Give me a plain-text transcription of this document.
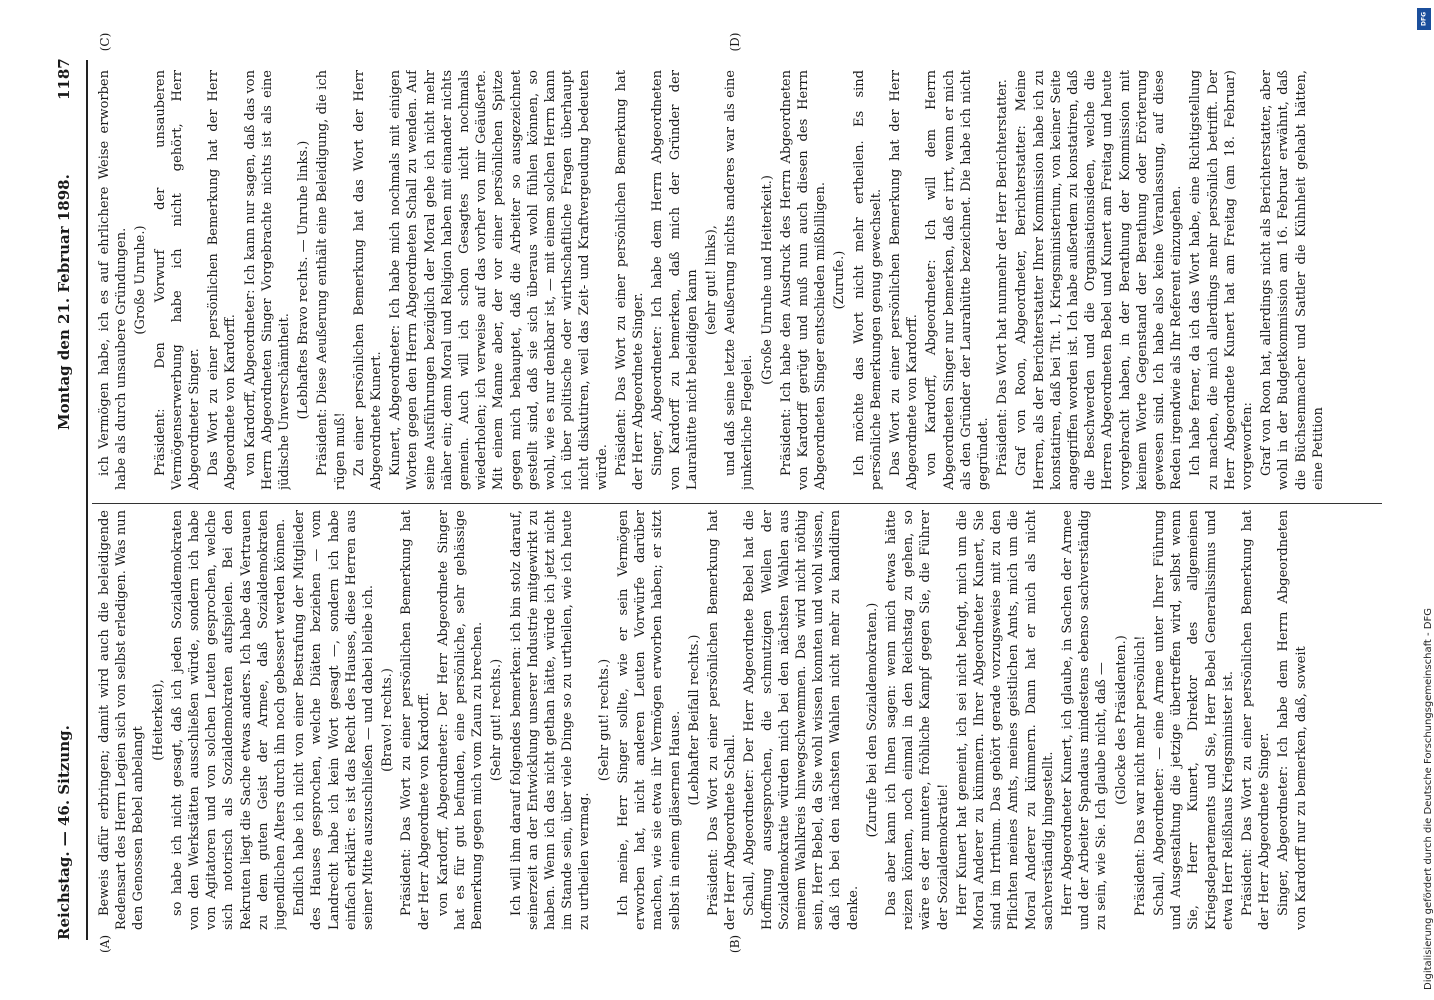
Reichstag. — 46. Sitzung.
Montag den 21. Februar 1898.
1187
(A)	(B)
(C)	(D)

Beweis dafür erbringen; damit wird auch die beleidigende Redensart des Herrn Legien sich von selbst erledigen. Was nun den Genossen Bebel anbelangt

(Heiterkeit), so habe ich nicht gesagt, daß ich jeden Sozialdemokraten von den Werkstätten ausschließen würde, sondern ich habe von Agitatoren und von solchen Leuten gesprochen, welche sich notorisch als Sozialdemokraten aufspielen. Bei den Rekruten liegt die Sache etwas anders. Ich habe das Vertrauen zu dem guten Geist der Armee, daß Sozialdemokraten jugendlichen Alters durch ihn noch gebessert werden können. Endlich habe ich nicht von einer Bestrafung der Mitglieder des Hauses gesprochen, welche Diäten beziehen — vom Landrecht habe ich kein Wort gesagt —, sondern ich habe einfach erklärt: es ist das Recht des Hauses, diese Herren aus seiner Mitte auszuschließen — und dabei bleibe ich. (Bravo! rechts.) Präsident: Das Wort zu einer persönlichen Bemerkung hat der Herr Abgeordnete von Kardorff. von Kardorff, Abgeordneter: Der Herr Abgeordnete Singer hat es für gut befunden, eine persönliche, sehr gehässige Bemerkung gegen mich vom Zaun zu brechen. (Sehr gut! rechts.) Ich will ihm darauf folgendes bemerken: ich bin stolz darauf, seinerzeit an der Entwicklung unserer Industrie mitgewirkt zu haben. Wenn ich das nicht gethan hätte, würde ich jetzt nicht im Stande sein, über viele Dinge so zu urtheilen, wie ich heute zu urtheilen vermag.

(Sehr gut! rechts.) Ich meine, Herr Singer sollte, wie er sein Vermögen erworben hat, nicht anderen Leuten Vorwürfe darüber machen, wie sie etwa ihr Vermögen erworben haben; er sitzt selbst in einem gläsernen Hause. (Lebhafter Beifall rechts.) Präsident: Das Wort zu einer persönlichen Bemerkung hat der Herr Abgeordnete Schall. Schall, Abgeordneter: Der Herr Abgeordnete Bebel hat die Hoffnung ausgesprochen, die schmutzigen Wellen der Sozialdemokratie würden mich bei den nächsten Wahlen aus meinem Wahlkreis hinwegschwemmen. Das wird nicht nöthig sein, Herr Bebel, da Sie wohl wissen konnten und wohl wissen, daß ich bei den nächsten Wahlen nicht mehr zu kandidiren denke.

(Zurufe bei den Sozialdemokraten.) Das aber kann ich Ihnen sagen: wenn mich etwas hätte reizen können, noch einmal in den Reichstag zu gehen, so wäre es der muntere, fröhliche Kampf gegen Sie, die Führer der Sozialdemokratie! Herr Kunert hat gemeint, ich sei nicht befugt, mich um die Moral Anderer zu kümmern. Ihrer Abgeordneter Kunert, Sie sind im Irrthum. Das gehört gerade vorzugsweise mit zu den Pflichten meines Amts, meines geistlichen Amts, mich um die Moral Anderer zu kümmern. Dann hat er mich als nicht sachverständig hingestellt. Herr Abgeordneter Kunert, ich glaube, in Sachen der Armee und der Arbeiter Spandaus mindestens ebenso sachverständig zu sein, wie Sie. Ich glaube nicht, daß — (Glocke des Präsidenten.) Präsident: Das war nicht mehr persönlich! Schall, Abgeordneter: — eine Armee unter Ihrer Führung und Ausgestaltung die jetzige übertreffen wird, selbst wenn Sie, Herr Kunert, Direktor des allgemeinen Kriegsdepartements und Sie, Herr Bebel Generalissimus und etwa Herr Reißhaus Kriegsminister ist. Präsident: Das Wort zu einer persönlichen Bemerkung hat der Herr Abgeordnete Singer. Singer, Abgeordneter: Ich habe dem Herrn Abgeordneten von Kardorff nur zu bemerken, daß, soweit

ich Vermögen habe, ich es auf ehrlichere Weise erworben habe als durch unsaubere Gründungen. (Große Unruhe.) Präsident: Den Vorwurf der unsauberen Vermögenserwerbung habe ich nicht gehört, Herr Abgeordneter Singer. Das Wort zu einer persönlichen Bemerkung hat der Herr Abgeordnete von Kardorff. von Kardorff, Abgeordneter: Ich kann nur sagen, daß das von Herrn Abgeordneten Singer Vorgebrachte nichts ist als eine jüdische Unverschämtheit. (Lebhaftes Bravo rechts. — Unruhe links.) Präsident: Diese Aeußerung enthält eine Beleidigung, die ich rügen muß! Zu einer persönlichen Bemerkung hat das Wort der Herr Abgeordnete Kunert. Kunert, Abgeordneter: Ich habe mich nochmals mit einigen Worten gegen den Herrn Abgeordneten Schall zu wenden. Auf seine Ausführungen bezüglich der Moral gehe ich nicht mehr näher ein; denn Moral und Religion haben mit einander nichts gemein. Auch will ich schon Gesagtes nicht nochmals wiederholen; ich verweise auf das vorher von mir Geäußerte. Mit einem Manne aber, der vor einer persönlichen Spitze gegen mich behauptet, daß die Arbeiter so ausgezeichnet gestellt sind, daß sie sich überaus wohl fühlen können, so wohl, wie es nur denkbar ist, — mit einem solchen Herrn kann ich über politische oder wirthschaftliche Fragen überhaupt nicht diskutiren, weil das Zeit- und Kraftvergeudung bedeuten würde. Präsident: Das Wort zu einer persönlichen Bemerkung hat der Herr Abgeordnete Singer. Singer, Abgeordneter: Ich habe dem Herrn Abgeordneten von Kardorff zu bemerken, daß mich der Gründer der Laurahütte nicht beleidigen kann (sehr gut! links), und daß seine letzte Aeußerung nichts anderes war als eine junkerliche Flegelei.

(Große Unruhe und Heiterkeit.) Präsident: Ich habe den Ausdruck des Herrn Abgeordneten von Kardorff gerügt und muß nun auch diesen des Herrn Abgeordneten Singer entschieden mißbilligen. (Zurufe.) Ich möchte das Wort nicht mehr ertheilen. Es sind persönliche Bemerkungen genug gewechselt. Das Wort zu einer persönlichen Bemerkung hat der Herr Abgeordnete von Kardorff. von Kardorff, Abgeordneter: Ich will dem Herrn Abgeordneten Singer nur bemerken, daß er irrt, wenn er mich als den Gründer der Laurahütte bezeichnet. Die habe ich nicht gegründet. Präsident: Das Wort hat nunmehr der Herr Berichterstatter. Graf von Roon, Abgeordneter, Berichterstatter: Meine Herren, als der Berichterstatter Ihrer Kommission habe ich zu konstatiren, daß bei Tit. 1, Kriegsministerium, von keiner Seite angegriffen worden ist. Ich habe außerdem zu konstatiren, daß die Beschwerden und die Organisationsideen, welche die Herren Abgeordneten Bebel und Kunert am Freitag und heute vorgebracht haben, in der Berathung der Kommission mit keinem Worte Gegenstand der Berathung oder Erörterung gewesen sind. Ich habe also keine Veranlassung, auf diese Reden irgendwie als Ihr Referent einzugehen. Ich habe ferner, da ich das Wort habe, eine Richtigstellung zu machen, die mich allerdings mehr persönlich betrifft. Der Herr Abgeordnete Kunert hat am Freitag (am 18. Februar) vorgeworfen: Graf von Roon hat, allerdings nicht als Berichterstatter, aber wohl in der Budgetkommission am 16. Februar erwähnt, daß die Büchsenmacher und Sattler die Kühnheit gehabt hätten, eine Petition

Digitalisierung gefördert durch die Deutsche Forschungsgemeinschaft - DFG
DFG
